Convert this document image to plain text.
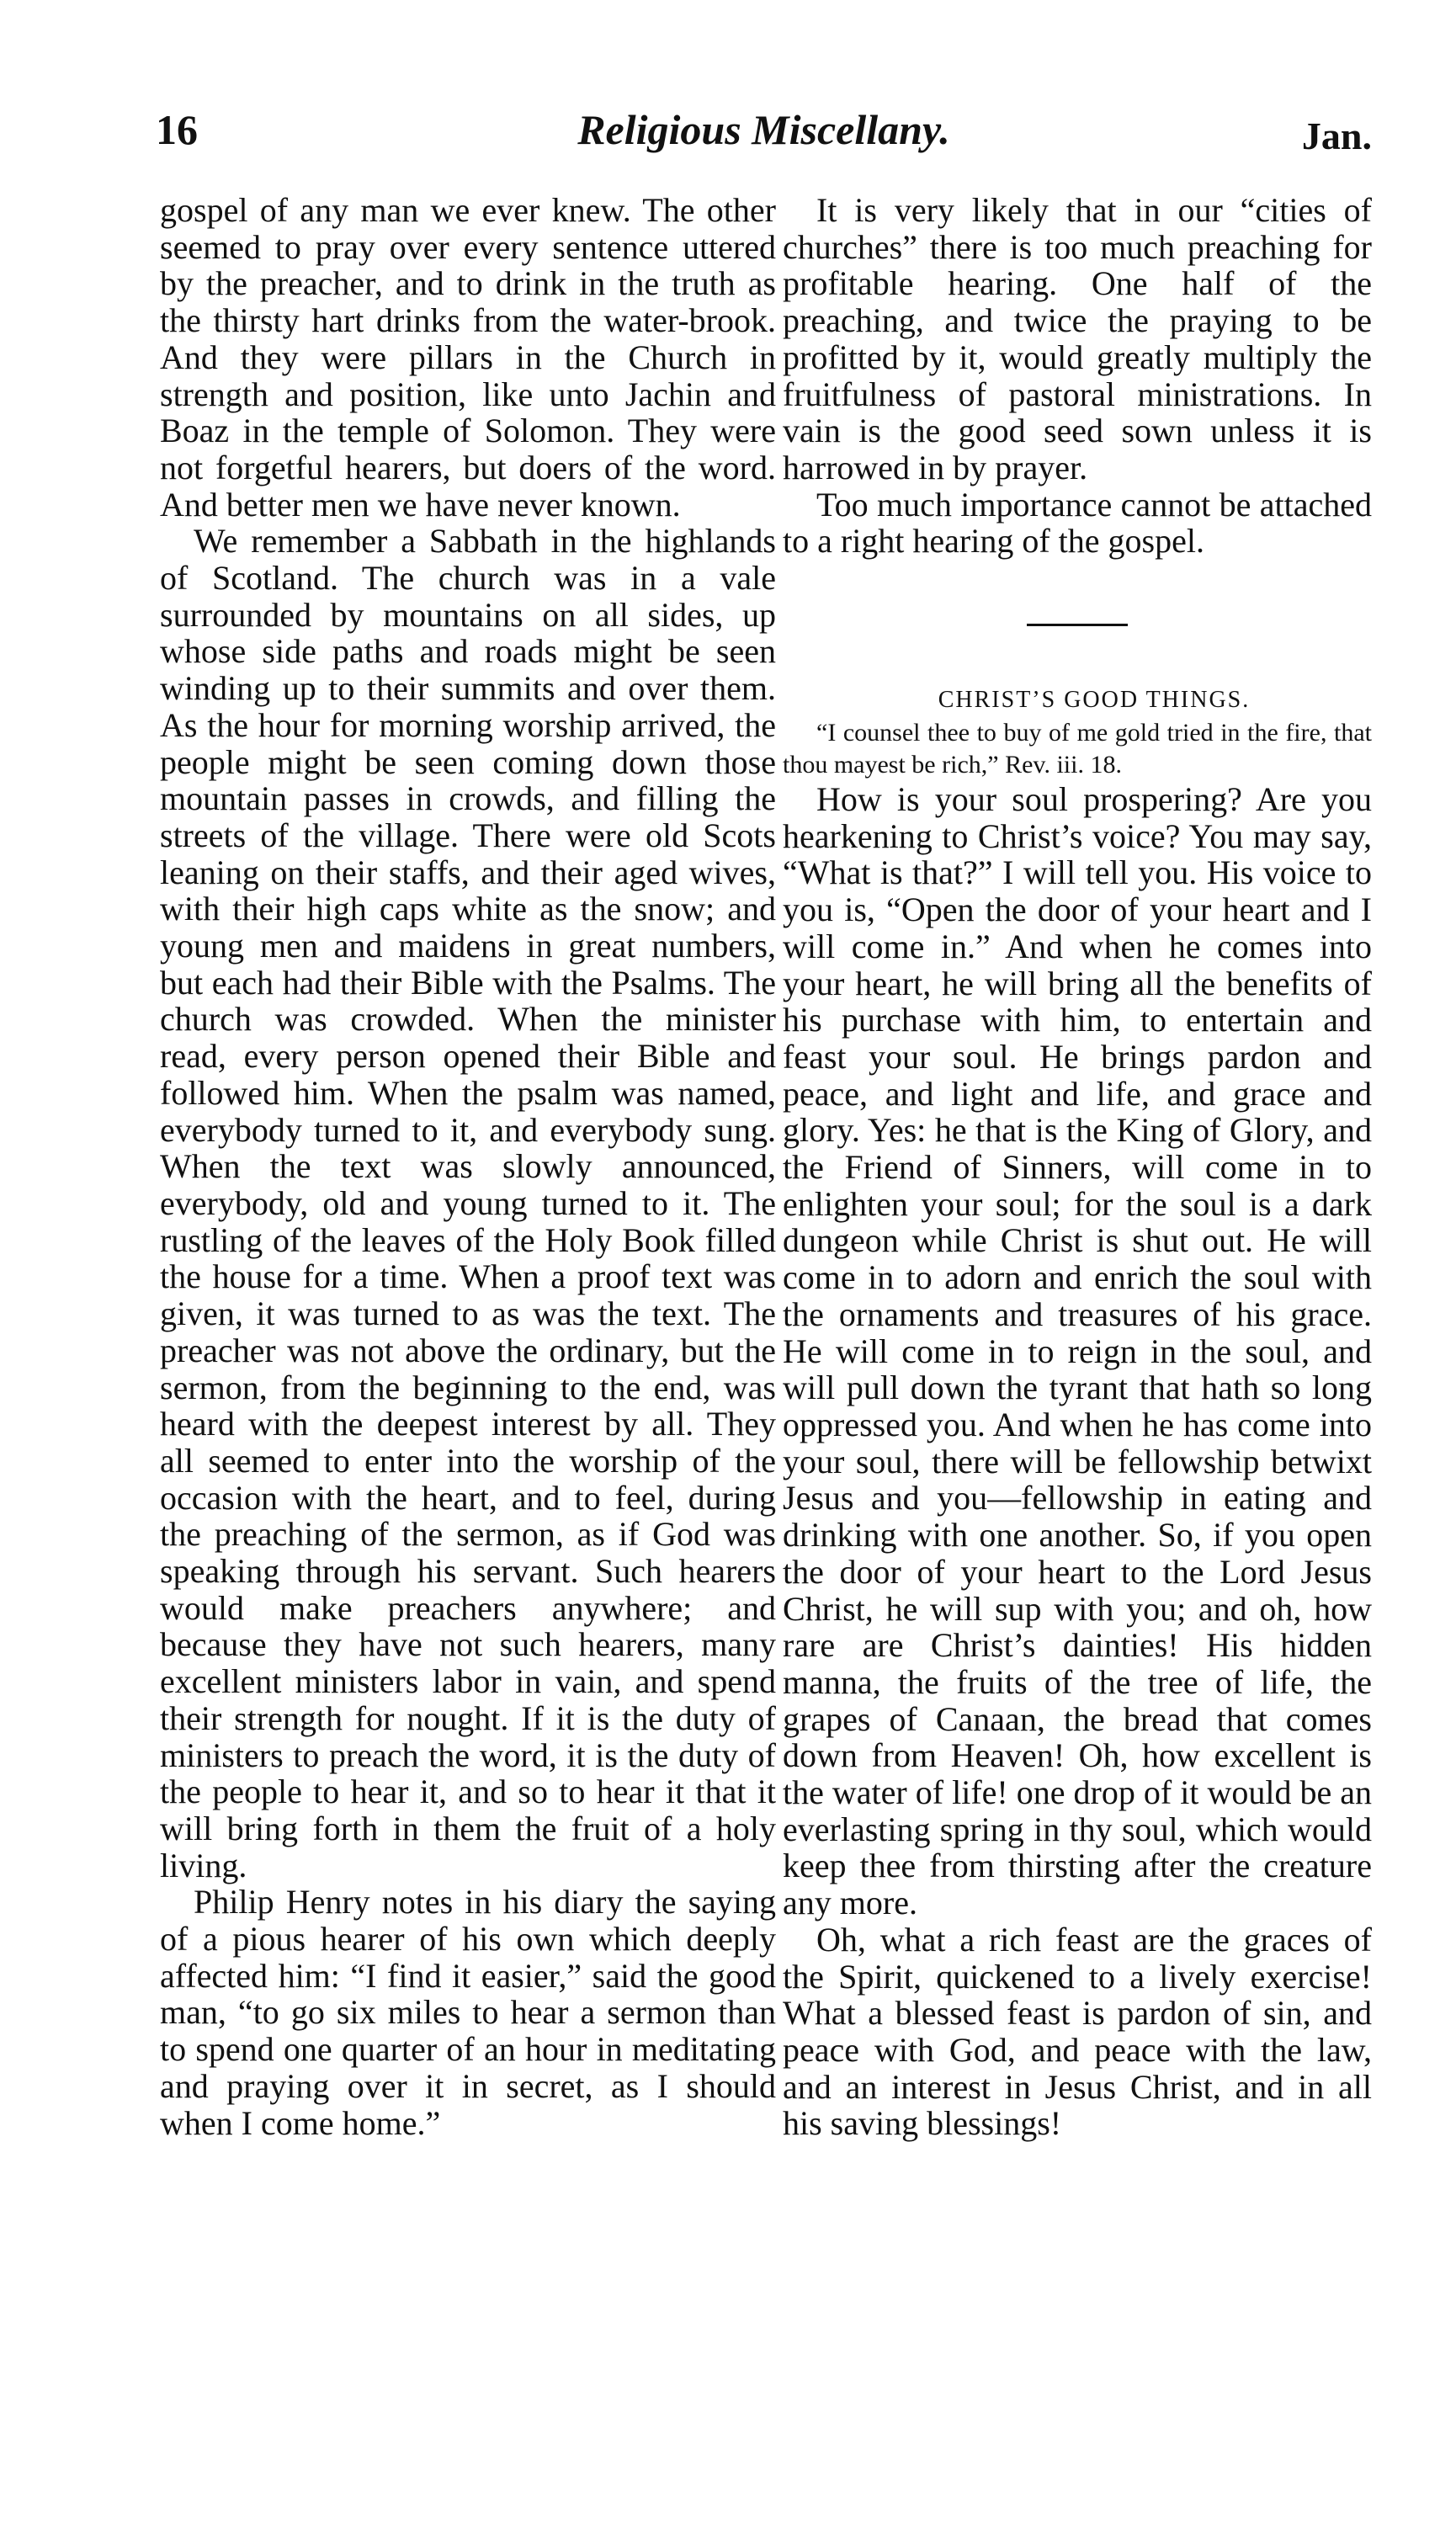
16	Religious Miscellany.	Jan.

gospel of any man we ever knew. The other seemed to pray over every sentence uttered by the preacher, and to drink in the truth as the thirsty hart drinks from the water-brook. And they were pillars in the Church in strength and position, like unto Jachin and Boaz in the temple of Solomon. They were not forgetful hearers, but doers of the word. And better men we have never known.

We remember a Sabbath in the highlands of Scotland. The church was in a vale surrounded by mountains on all sides, up whose side paths and roads might be seen winding up to their summits and over them. As the hour for morning worship arrived, the people might be seen coming down those mountain passes in crowds, and filling the streets of the village. There were old Scots leaning on their staffs, and their aged wives, with their high caps white as the snow; and young men and maidens in great numbers, but each had their Bible with the Psalms. The church was crowded. When the minister read, every person opened their Bible and followed him. When the psalm was named, everybody turned to it, and everybody sung. When the text was slowly announced, everybody, old and young turned to it. The rustling of the leaves of the Holy Book filled the house for a time. When a proof text was given, it was turned to as was the text. The preacher was not above the ordinary, but the sermon, from the beginning to the end, was heard with the deepest interest by all. They all seemed to enter into the worship of the occasion with the heart, and to feel, during the preaching of the sermon, as if God was speaking through his servant. Such hearers would make preachers anywhere; and because they have not such hearers, many excellent ministers labor in vain, and spend their strength for nought. If it is the duty of ministers to preach the word, it is the duty of the people to hear it, and so to hear it that it will bring forth in them the fruit of a holy living.

Philip Henry notes in his diary the saying of a pious hearer of his own which deeply affected him: “I find it easier,” said the good man, “to go six miles to hear a sermon than to spend one quarter of an hour in meditating and praying over it in secret, as I should when I come home.”

It is very likely that in our “cities of churches” there is too much preaching for profitable hearing. One half of the preaching, and twice the praying to be profitted by it, would greatly multiply the fruitfulness of pastoral ministrations. In vain is the good seed sown unless it is harrowed in by prayer.

Too much importance cannot be attached to a right hearing of the gospel.

CHRIST’S GOOD THINGS.

“I counsel thee to buy of me gold tried in the fire, that thou mayest be rich,” Rev. iii. 18.

How is your soul prospering? Are you hearkening to Christ’s voice? You may say, “What is that?” I will tell you. His voice to you is, “Open the door of your heart and I will come in.” And when he comes into your heart, he will bring all the benefits of his purchase with him, to entertain and feast your soul. He brings pardon and peace, and light and life, and grace and glory. Yes: he that is the King of Glory, and the Friend of Sinners, will come in to enlighten your soul; for the soul is a dark dungeon while Christ is shut out. He will come in to adorn and enrich the soul with the ornaments and treasures of his grace. He will come in to reign in the soul, and will pull down the tyrant that hath so long oppressed you. And when he has come into your soul, there will be fellowship betwixt Jesus and you—fellowship in eating and drinking with one another. So, if you open the door of your heart to the Lord Jesus Christ, he will sup with you; and oh, how rare are Christ’s dainties! His hidden manna, the fruits of the tree of life, the grapes of Canaan, the bread that comes down from Heaven! Oh, how excellent is the water of life! one drop of it would be an everlasting spring in thy soul, which would keep thee from thirsting after the creature any more.

Oh, what a rich feast are the graces of the Spirit, quickened to a lively exercise! What a blessed feast is pardon of sin, and peace with God, and peace with the law, and an interest in Jesus Christ, and in all his saving blessings!
